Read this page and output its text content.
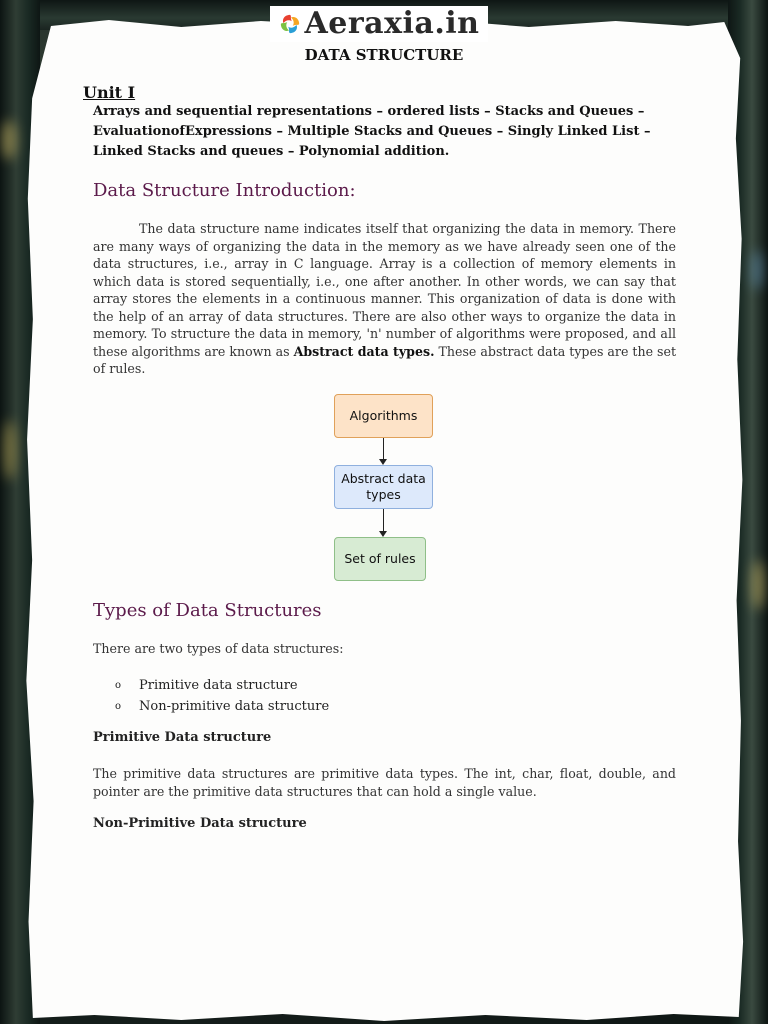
Aeraxia.in
DATA STRUCTURE
Unit I
Arrays and sequential representations – ordered lists – Stacks and Queues – EvaluationofExpressions – Multiple Stacks and Queues – Singly Linked List – Linked Stacks and queues – Polynomial addition.
Data Structure Introduction:
The data structure name indicates itself that organizing the data in memory. There are many ways of organizing the data in the memory as we have already seen one of the data structures, i.e., array in C language. Array is a collection of memory elements in which data is stored sequentially, i.e., one after another. In other words, we can say that array stores the elements in a continuous manner. This organization of data is done with the help of an array of data structures. There are also other ways to organize the data in memory. To structure the data in memory, 'n' number of algorithms were proposed, and all these algorithms are known as Abstract data types. These abstract data types are the set of rules.
Algorithms
Abstract data types
Set of rules
Types of Data Structures
There are two types of data structures:
o	Primitive data structure
o	Non-primitive data structure
Primitive Data structure
The primitive data structures are primitive data types. The int, char, float, double, and pointer are the primitive data structures that can hold a single value.
Non-Primitive Data structure
